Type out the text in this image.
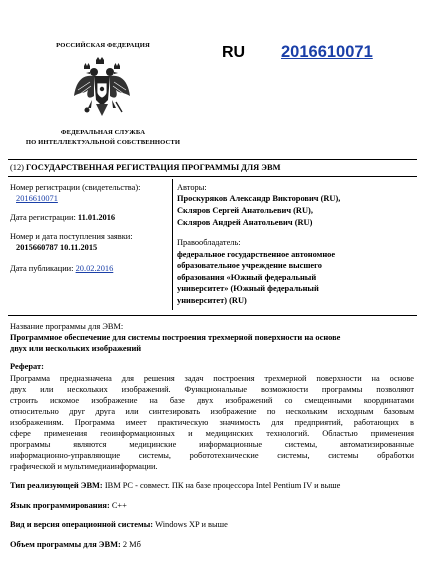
РОССИЙСКАЯ ФЕДЕРАЦИЯ
ФЕДЕРАЛЬНАЯ СЛУЖБА
ПО ИНТЕЛЛЕКТУАЛЬНОЙ СОБСТВЕННОСТИ
RU 2016610071
(12) ГОСУДАРСТВЕННАЯ РЕГИСТРАЦИЯ ПРОГРАММЫ ДЛЯ ЭВМ
Номер регистрации (свидетельства):
2016610071
Дата регистрации: 11.01.2016
Номер и дата поступления заявки:
2015660787 10.11.2015
Дата публикации: 20.02.2016
Авторы:
Проскуряков Александр Викторович (RU),
Скляров Сергей Анатольевич (RU),
Скляров Андрей Анатольевич (RU)
Правообладатель:
федеральное государственное автономное
образовательное учреждение высшего
образования «Южный федеральный
университет» (Южный федеральный
университет) (RU)
Название программы для ЭВМ:
Программное обеспечение для системы построения трехмерной поверхности на основе
двух или нескольких изображений
Реферат:
Программа предназначена для решения задач построения трехмерной поверхности на основе
двух или нескольких изображений. Функциональные возможности программы позволяют
строить искомое изображение на базе двух изображений со смещенными координатами
относительно друг друга или синтезировать изображение по нескольким исходным базовым
изображениям. Программа имеет практическую значимость для предприятий, работающих в
сфере применения геоинформационных и медицинских технологий. Областью применения
программы являются медицинские информационные системы, автоматизированные
информационно-управляющие системы, робототехнические системы, системы обработки
графической и мультимедиаинформации.
Тип реализующей ЭВМ: IBM PC - совмест. ПК на базе процессора Intel Pentium IV и выше
Язык программирования: C++
Вид и версия операционной системы: Windows XP и выше
Объем программы для ЭВМ: 2 Мб
